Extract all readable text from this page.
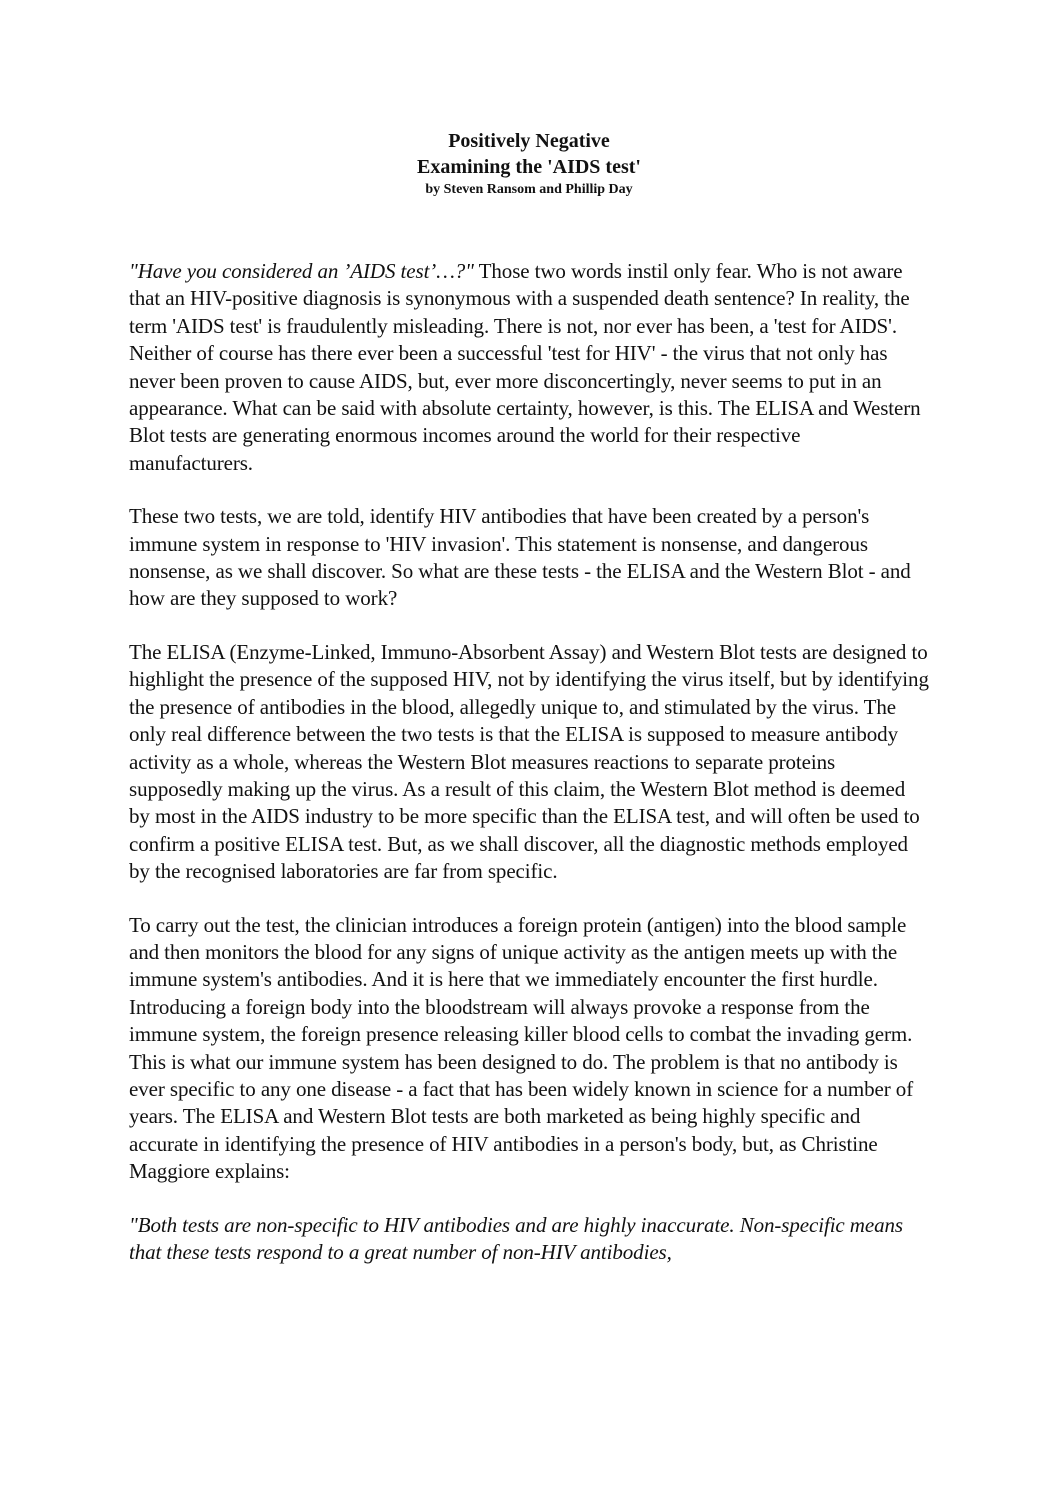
Positively Negative

Examining the 'AIDS test'

by Steven Ransom and Phillip Day

"Have you considered an ’AIDS test’…?" Those two words instil only fear. Who is not aware that an HIV-positive diagnosis is synonymous with a suspended death sentence? In reality, the term 'AIDS test' is fraudulently misleading. There is not, nor ever has been, a 'test for AIDS'. Neither of course has there ever been a successful 'test for HIV' - the virus that not only has never been proven to cause AIDS, but, ever more disconcertingly, never seems to put in an appearance. What can be said with absolute certainty, however, is this. The ELISA and Western Blot tests are generating enormous incomes around the world for their respective manufacturers.

These two tests, we are told, identify HIV antibodies that have been created by a person's immune system in response to 'HIV invasion'. This statement is nonsense, and dangerous nonsense, as we shall discover. So what are these tests - the ELISA and the Western Blot - and how are they supposed to work?

The ELISA (Enzyme-Linked, Immuno-Absorbent Assay) and Western Blot tests are designed to highlight the presence of the supposed HIV, not by identifying the virus itself, but by identifying the presence of antibodies in the blood, allegedly unique to, and stimulated by the virus. The only real difference between the two tests is that the ELISA is supposed to measure antibody activity as a whole, whereas the Western Blot measures reactions to separate proteins supposedly making up the virus. As a result of this claim, the Western Blot method is deemed by most in the AIDS industry to be more specific than the ELISA test, and will often be used to confirm a positive ELISA test. But, as we shall discover, all the diagnostic methods employed by the recognised laboratories are far from specific.

To carry out the test, the clinician introduces a foreign protein (antigen) into the blood sample and then monitors the blood for any signs of unique activity as the antigen meets up with the immune system's antibodies. And it is here that we immediately encounter the first hurdle. Introducing a foreign body into the bloodstream will always provoke a response from the immune system, the foreign presence releasing killer blood cells to combat the invading germ. This is what our immune system has been designed to do. The problem is that no antibody is ever specific to any one disease - a fact that has been widely known in science for a number of years. The ELISA and Western Blot tests are both marketed as being highly specific and accurate in identifying the presence of HIV antibodies in a person's body, but, as Christine Maggiore explains:

"Both tests are non-specific to HIV antibodies and are highly inaccurate. Non-specific means that these tests respond to a great number of non-HIV antibodies,
